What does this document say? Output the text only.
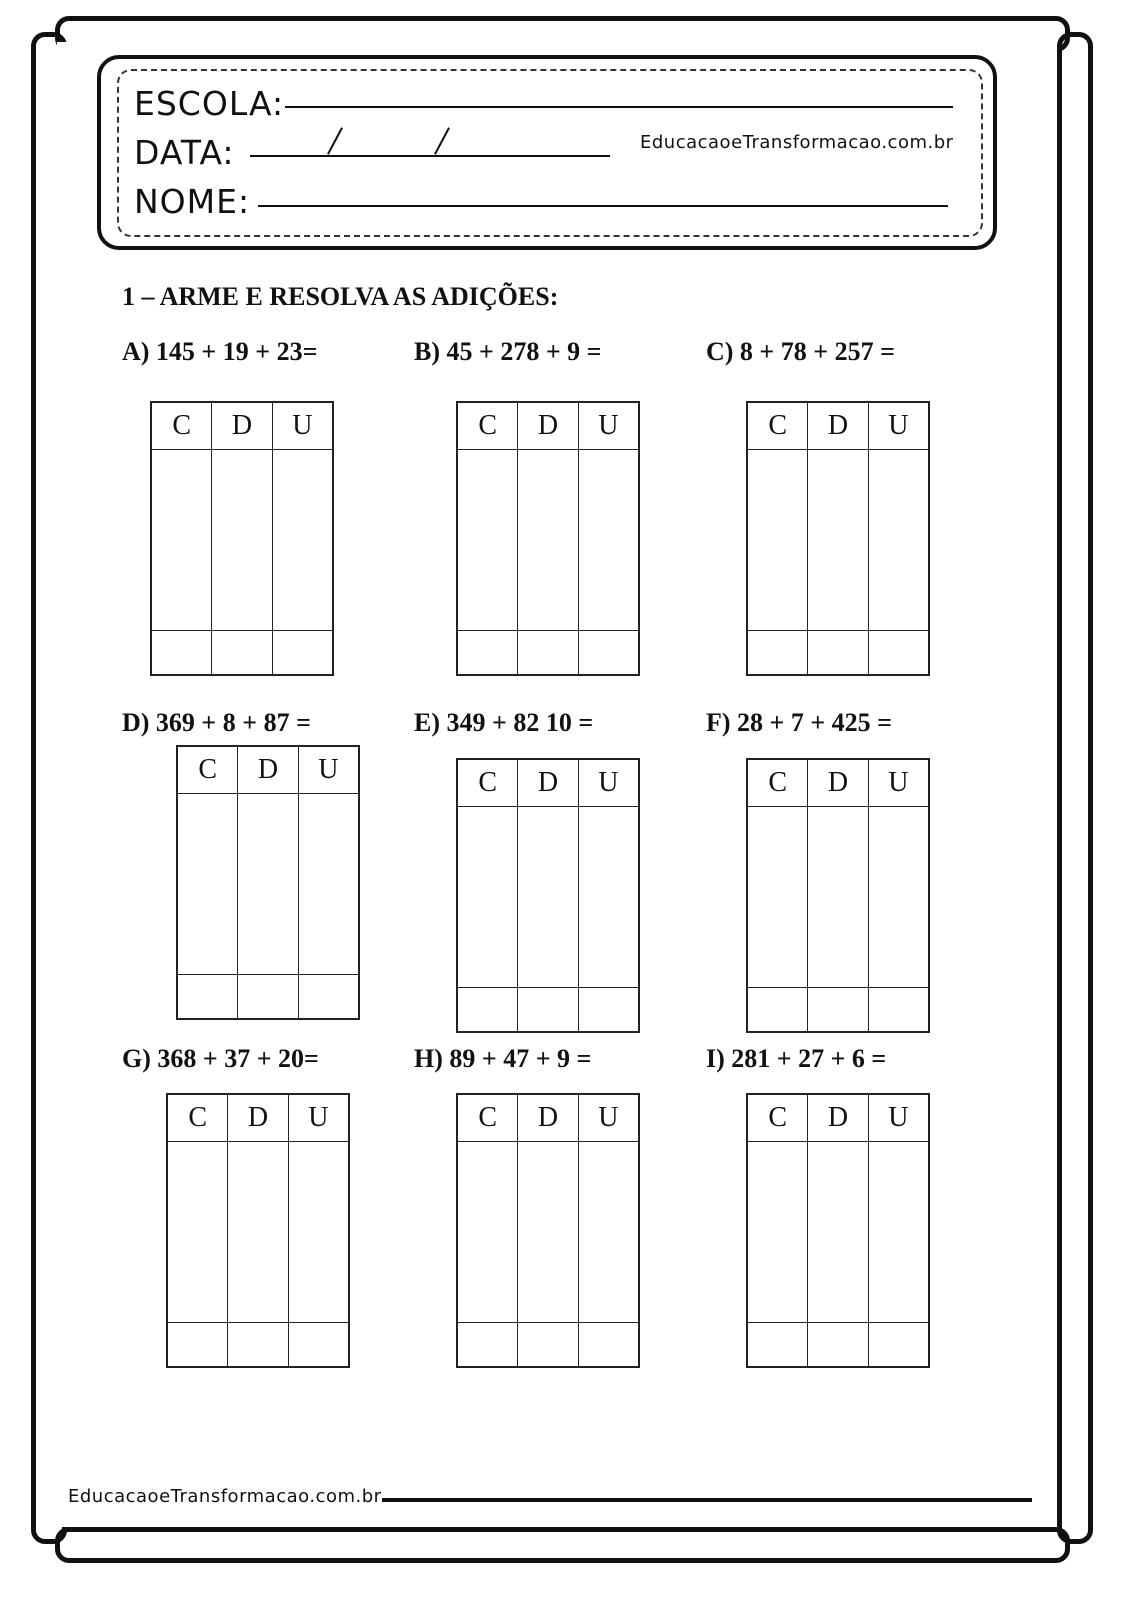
ESCOLA:
DATA:	EducacaoeTransformacao.com.br
NOME:
1 – ARME E RESOLVA AS ADIÇÕES:
A) 145 + 19 + 23=	B) 45 + 278 + 9 =	C) 8 + 78 + 257 =
D) 369 + 8 + 87 =	E) 349 + 82 10 =	F) 28 + 7 + 425 =
G) 368 + 37 + 20=	H) 89 + 47 + 9 =	I) 281 + 27 + 6 =
C	D	U	C	D	U	C	D	U
C	D	U	C	D	U	C	D	U
C	D	U	C	D	U	C	D	U
EducacaoeTransformacao.com.br
